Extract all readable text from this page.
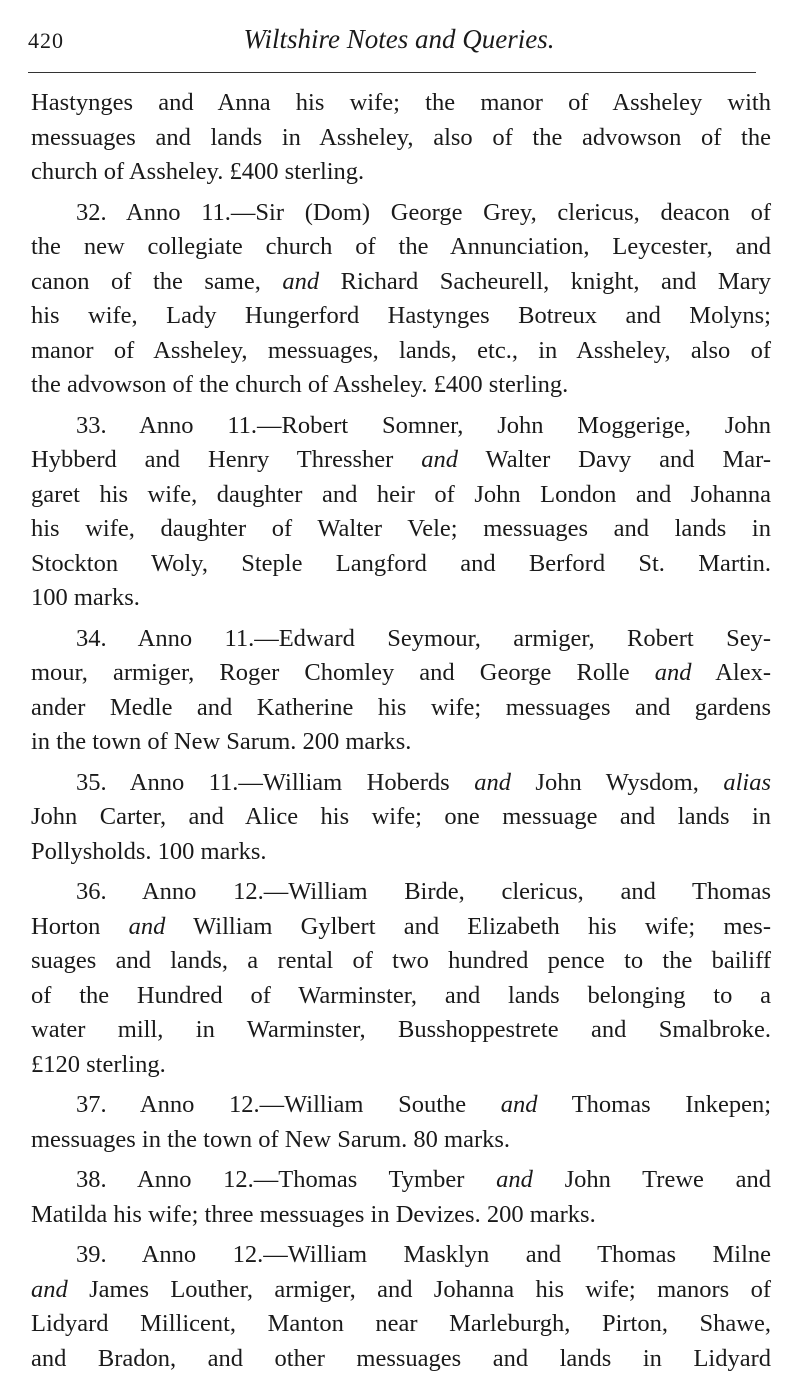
420	Wiltshire Notes and Queries.
Hastynges and Anna his wife; the manor of Assheley with
messuages and lands in Assheley, also of the advowson of the
church of Assheley. £400 sterling.
32. Anno 11.—Sir (Dom) George Grey, clericus, deacon of
the new collegiate church of the Annunciation, Leycester, and
canon of the same, and Richard Sacheurell, knight, and Mary
his wife, Lady Hungerford Hastynges Botreux and Molyns;
manor of Assheley, messuages, lands, etc., in Assheley, also of
the advowson of the church of Assheley. £400 sterling.
33. Anno 11.—Robert Somner, John Moggerige, John
Hybberd and Henry Thressher and Walter Davy and Mar-
garet his wife, daughter and heir of John London and Johanna
his wife, daughter of Walter Vele; messuages and lands in
Stockton Woly, Steple Langford and Berford St. Martin.
100 marks.
34. Anno 11.—Edward Seymour, armiger, Robert Sey-
mour, armiger, Roger Chomley and George Rolle and Alex-
ander Medle and Katherine his wife; messuages and gardens
in the town of New Sarum. 200 marks.
35. Anno 11.—William Hoberds and John Wysdom, alias
John Carter, and Alice his wife; one messuage and lands in
Pollysholds. 100 marks.
36. Anno 12.—William Birde, clericus, and Thomas
Horton and William Gylbert and Elizabeth his wife; mes-
suages and lands, a rental of two hundred pence to the bailiff
of the Hundred of Warminster, and lands belonging to a
water mill, in Warminster, Busshoppestrete and Smalbroke.
£120 sterling.
37. Anno 12.—William Southe and Thomas Inkepen;
messuages in the town of New Sarum. 80 marks.
38. Anno 12.—Thomas Tymber and John Trewe and
Matilda his wife; three messuages in Devizes. 200 marks.
39. Anno 12.—William Masklyn and Thomas Milne
and James Louther, armiger, and Johanna his wife; manors of
Lidyard Millicent, Manton near Marleburgh, Pirton, Shawe,
and Bradon, and other messuages and lands in Lidyard
